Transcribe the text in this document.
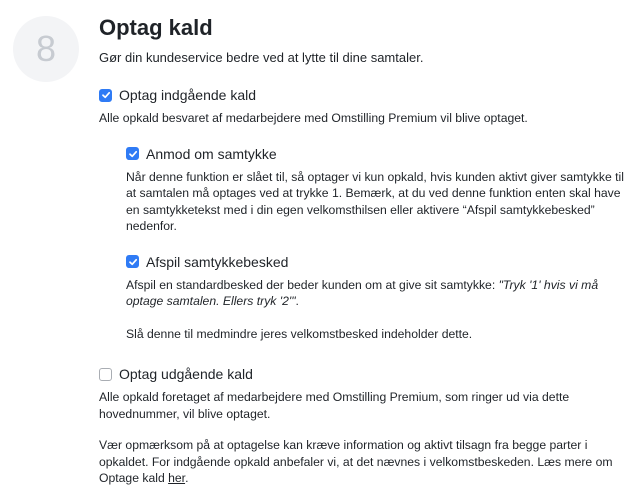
8
Optag kald
Gør din kundeservice bedre ved at lytte til dine samtaler.
Optag indgående kald
Alle opkald besvaret af medarbejdere med Omstilling Premium vil blive optaget.
Anmod om samtykke
Når denne funktion er slået til, så optager vi kun opkald, hvis kunden aktivt giver samtykke til at samtalen må optages ved at trykke 1. Bemærk, at du ved denne funktion enten skal have en samtykketekst med i din egen velkomsthilsen eller aktivere “Afspil samtykkebesked” nedenfor.
Afspil samtykkebesked
Afspil en standardbesked der beder kunden om at give sit samtykke: "Tryk '1' hvis vi må optage samtalen. Ellers tryk '2'".
Slå denne til medmindre jeres velkomstbesked indeholder dette.
Optag udgående kald
Alle opkald foretaget af medarbejdere med Omstilling Premium, som ringer ud via dette hovednummer, vil blive optaget.
Vær opmærksom på at optagelse kan kræve information og aktivt tilsagn fra begge parter i opkaldet. For indgående opkald anbefaler vi, at det nævnes i velkomstbeskeden. Læs mere om Optage kald her.
